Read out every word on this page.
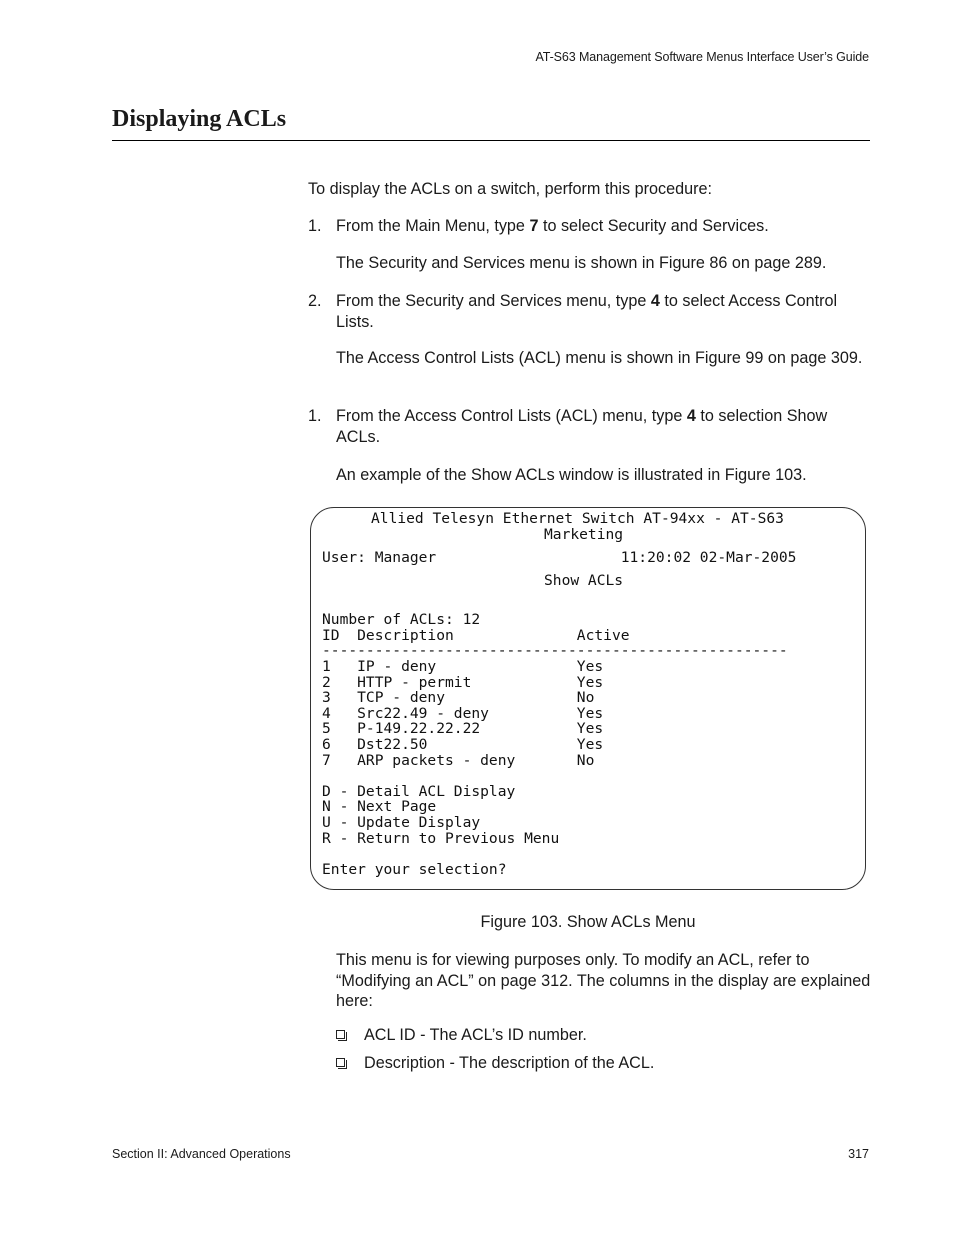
AT-S63 Management Software Menus Interface User’s Guide
Displaying ACLs

To display the ACLs on a switch, perform this procedure:

1. From the Main Menu, type 7 to select Security and Services.

The Security and Services menu is shown in Figure 86 on page 289.

2. From the Security and Services menu, type 4 to select Access Control Lists.

The Access Control Lists (ACL) menu is shown in Figure 99 on page 309.

1. From the Access Control Lists (ACL) menu, type 4 to selection Show ACLs.

An example of the Show ACLs window is illustrated in Figure 103.

Allied Telesyn Ethernet Switch AT-94xx - AT-S63
Marketing
User: Manager                     11:20:02 02-Mar-2005
Show ACLs
Number of ACLs: 12
ID  Description              Active
-----------------------------------------------------
1   IP - deny                Yes
2   HTTP - permit            Yes
3   TCP - deny               No
4   Src22.49 - deny          Yes
5   P-149.22.22.22           Yes
6   Dst22.50                 Yes
7   ARP packets - deny       No
D - Detail ACL Display
N - Next Page
U - Update Display
R - Return to Previous Menu
Enter your selection?
Figure 103. Show ACLs Menu

This menu is for viewing purposes only. To modify an ACL, refer to “Modifying an ACL” on page 312. The columns in the display are explained here:

ACL ID - The ACL’s ID number.
Description - The description of the ACL.
Section II: Advanced Operations	317
